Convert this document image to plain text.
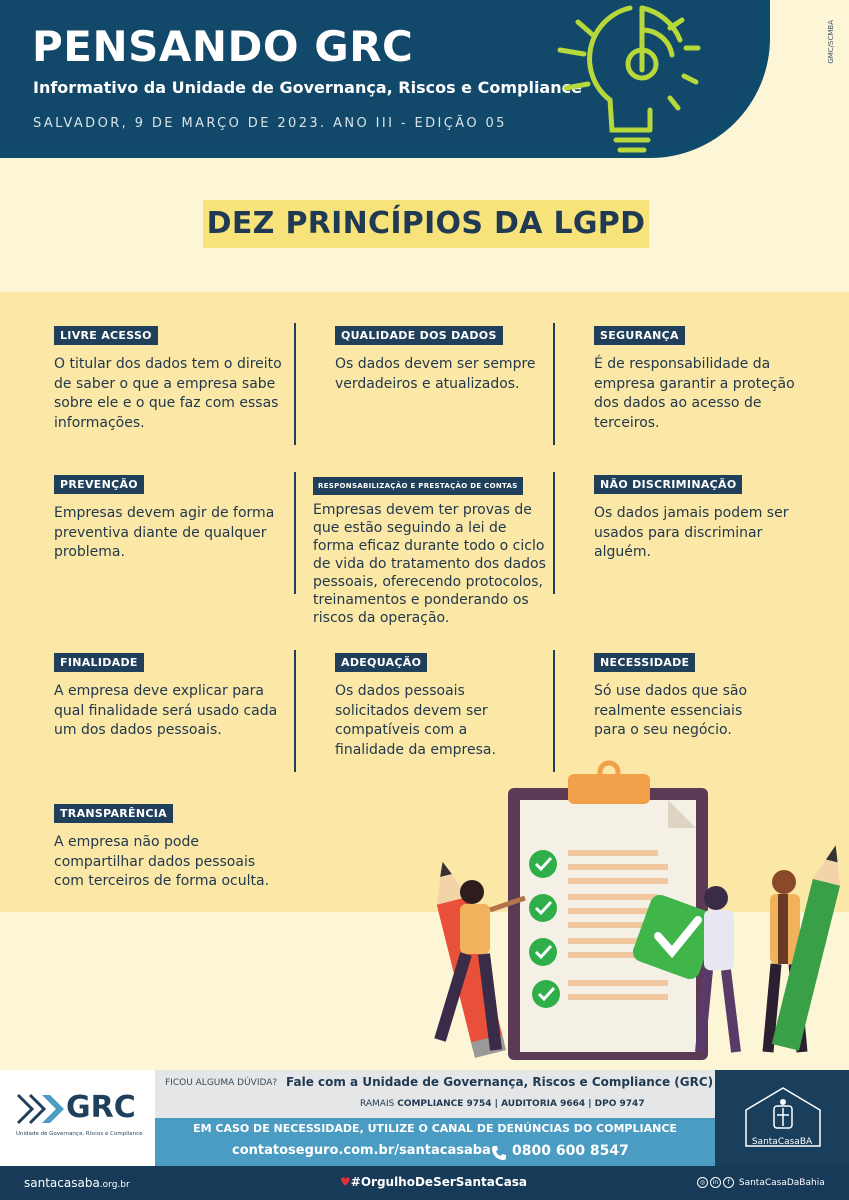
PENSANDO GRC
Informativo da Unidade de Governança, Riscos e Compliance
SALVADOR, 9 DE MARÇO DE 2023. ANO III - EDIÇÃO 05
GMC/SCMBA
DEZ PRINCÍPIOS DA LGPD
LIVRE ACESSO
O titular dos dados tem o direito de saber o que a empresa sabe sobre ele e o que faz com essas informações.
QUALIDADE DOS DADOS
Os dados devem ser sempre verdadeiros e atualizados.
SEGURANÇA
É de responsabilidade da empresa garantir a proteção dos dados ao acesso de terceiros.
PREVENÇÃO
Empresas devem agir de forma preventiva diante de qualquer problema.
RESPONSABILIZAÇÃO E PRESTAÇÃO DE CONTAS
Empresas devem ter provas de que estão seguindo a lei de forma eficaz durante todo o ciclo de vida do tratamento dos dados pessoais, oferecendo protocolos, treinamentos e ponderando os riscos da operação.
NÃO DISCRIMINAÇÃO
Os dados jamais podem ser usados para discriminar alguém.
FINALIDADE
A empresa deve explicar para qual finalidade será usado cada um dos dados pessoais.
ADEQUAÇÃO
Os dados pessoais solicitados devem ser compatíveis com a finalidade da empresa.
NECESSIDADE
Só use dados que são realmente essenciais para o seu negócio.
TRANSPARÊNCIA
A empresa não pode compartilhar dados pessoais com terceiros de forma oculta.
GRC
Unidade de Governança, Riscos e Compliance
FICOU ALGUMA DÚVIDA? Fale com a Unidade de Governança, Riscos e Compliance (GRC)
RAMAIS COMPLIANCE 9754 | AUDITORIA 9664 | DPO 9747
EM CASO DE NECESSIDADE, UTILIZE O CANAL DE DENÚNCIAS DO COMPLIANCE
contatoseguro.com.br/santacasaba 0800 600 8547
SantaCasaBA
santacasaba.org.br	♥#OrgulhoDeSerSantaCasa	◎ in f SantaCasaDaBahia
